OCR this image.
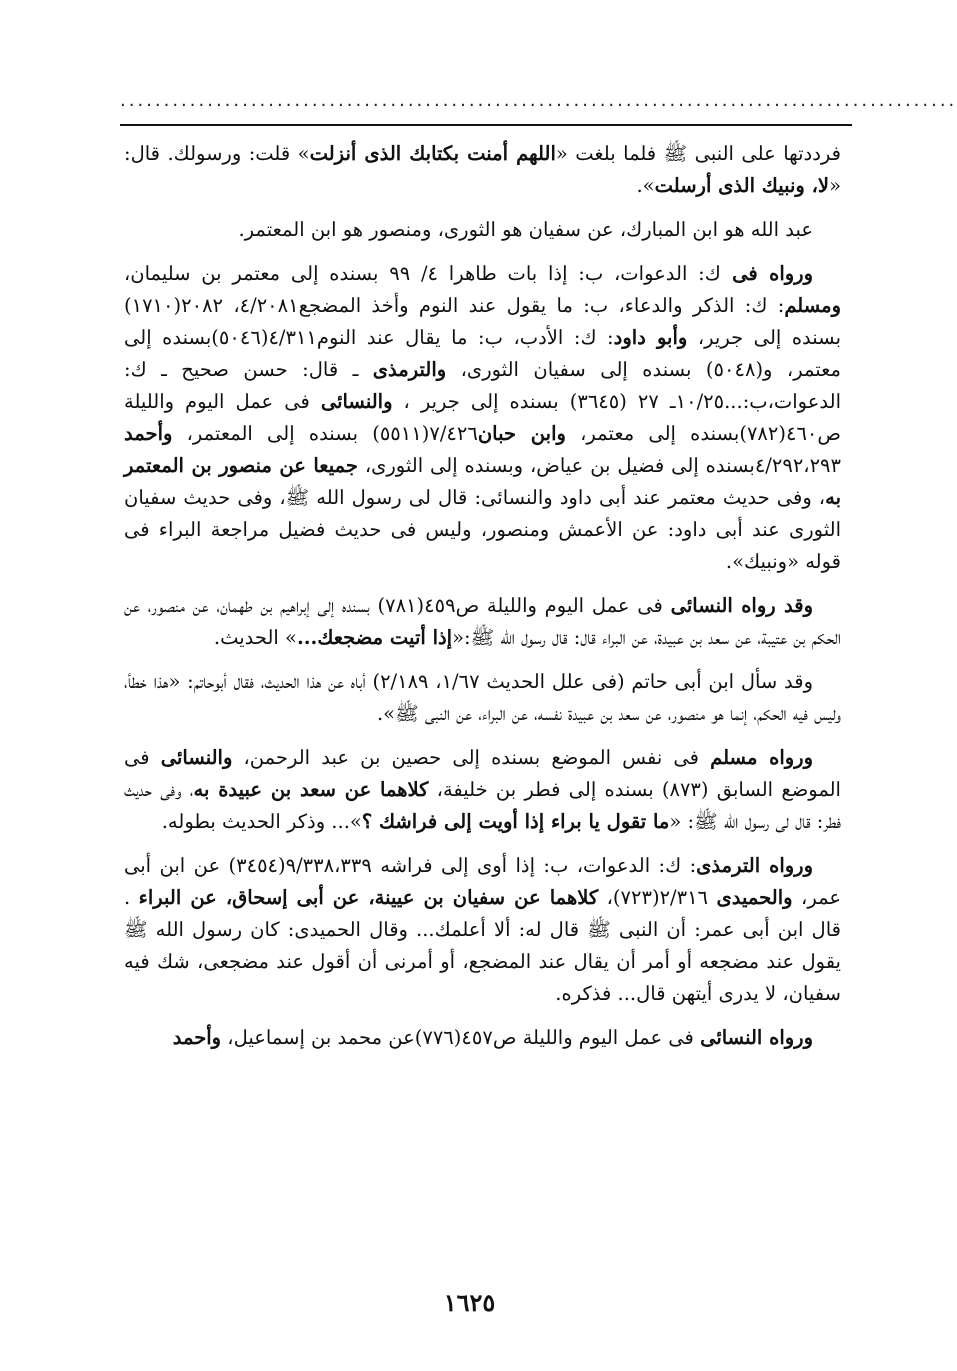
................................................................................................

فرددتها على النبى ﷺ فلما بلغت «اللهم أمنت بكتابك الذى أنزلت» قلت: ورسولك. قال: «لا، ونبيك الذى أرسلت».

عبد الله هو ابن المبارك، عن سفيان هو الثورى، ومنصور هو ابن المعتمر.

ورواه فى ك: الدعوات، ب: إذا بات طاهرا ٤/ ٩٩ بسنده إلى معتمر بن سليمان، ومسلم: ك: الذكر والدعاء، ب: ما يقول عند النوم وأخذ المضجع٤/٢٠٨١، ٢٠٨٢(١٧١٠) بسنده إلى جرير، وأبو داود: ك: الأدب، ب: ما يقال عند النوم٤/٣١١(٥٠٤٦)بسنده إلى معتمر، و(٥٠٤٨) بسنده إلى سفيان الثورى، والترمذى ـ قال: حسن صحيح ـ ك: الدعوات،ب:...١٠/٢٥ـ ٢٧ (٣٦٤٥) بسنده إلى جرير ، والنسائى فى عمل اليوم والليلة ص٤٦٠(٧٨٢)بسنده إلى معتمر، وابن حبان٧/٤٢٦(٥٥١١) بسنده إلى المعتمر، وأحمد ٤/٢٩٢،٢٩٣بسنده إلى فضيل بن عياض، وبسنده إلى الثورى، جميعا عن منصور بن المعتمر به، وفى حديث معتمر عند أبى داود والنسائى: قال لى رسول الله ﷺ، وفى حديث سفيان الثورى عند أبى داود: عن الأعمش ومنصور، وليس فى حديث فضيل مراجعة البراء فى قوله «ونبيك».

وقد رواه النسائى فى عمل اليوم والليلة ص٤٥٩(٧٨١) بسنده إلى إبراهيم بن طهمان، عن منصور، عن الحكم بن عتيبة، عن سعد بن عبيدة، عن البراء قال: قال رسول الله ﷺ:«إذا أتيت مضجعك...» الحديث.

وقد سأل ابن أبى حاتم (فى علل الحديث ١/٦٧، ٢/١٨٩) أباه عن هذا الحديث، فقال أبوحاتم: «هذا خطأ، وليس فيه الحكم، إنما هو منصور، عن سعد بن عبيدة نفسه، عن البراء، عن النبى ﷺ».

ورواه مسلم فى نفس الموضع بسنده إلى حصين بن عبد الرحمن، والنسائى فى الموضع السابق (٨٧٣) بسنده إلى فطر بن خليفة، كلاهما عن سعد بن عبيدة به، وفى حديث فطر: قال لى رسول الله ﷺ: «ما تقول يا براء إذا أويت إلى فراشك ؟»... وذكر الحديث بطوله.

ورواه الترمذى: ك: الدعوات، ب: إذا أوى إلى فراشه ٩/٣٣٨،٣٣٩(٣٤٥٤) عن ابن أبى عمر، والحميدى ٢/٣١٦(٧٢٣)، كلاهما عن سفيان بن عيينة، عن أبى إسحاق، عن البراء . قال ابن أبى عمر: أن النبى ﷺ قال له: ألا أعلمك... وقال الحميدى: كان رسول الله ﷺ يقول عند مضجعه أو أمر أن يقال عند المضجع، أو أمرنى أن أقول عند مضجعى، شك فيه سفيان، لا يدرى أيتهن قال... فذكره.

ورواه النسائى فى عمل اليوم والليلة ص٤٥٧(٧٧٦)عن محمد بن إسماعيل، وأحمد

١٦٢٥
